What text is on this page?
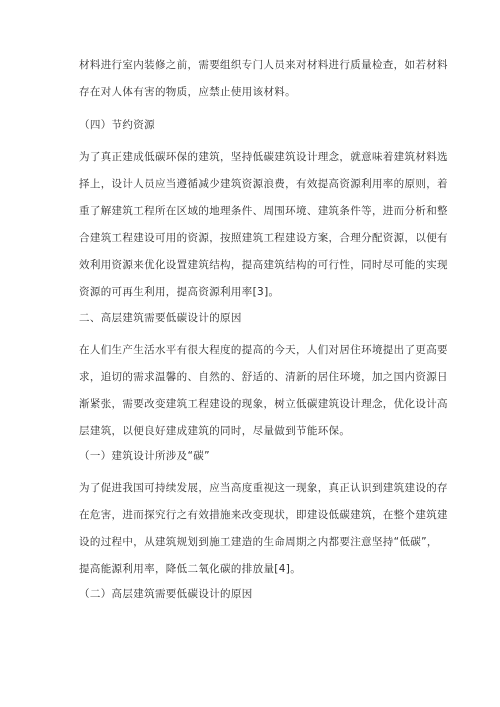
材料进行室内装修之前，需要组织专门人员来对材料进行质量检查，如若材料
存在对人体有害的物质，应禁止使用该材料。
（四）节约资源
为了真正建成低碳环保的建筑，坚持低碳建筑设计理念，就意味着建筑材料选
择上，设计人员应当遵循减少建筑资源浪费，有效提高资源利用率的原则，着
重了解建筑工程所在区域的地理条件、周围环境、建筑条件等，进而分析和整
合建筑工程建设可用的资源，按照建筑工程建设方案，合理分配资源，以便有
效利用资源来优化设置建筑结构，提高建筑结构的可行性，同时尽可能的实现
资源的可再生利用，提高资源利用率[3]。
二、高层建筑需要低碳设计的原因
在人们生产生活水平有很大程度的提高的今天，人们对居住环境提出了更高要
求，追切的需求温馨的、自然的、舒适的、清新的居住环境，加之国内资源日
渐紧张，需要改变建筑工程建设的现象，树立低碳建筑设计理念，优化设计高
层建筑，以便良好建成建筑的同时，尽量做到节能环保。
（一）建筑设计所涉及“碳”
为了促进我国可持续发展，应当高度重视这一现象，真正认识到建筑建设的存
在危害，进而探究行之有效措施来改变现状，即建设低碳建筑，在整个建筑建
设的过程中，从建筑规划到施工建造的生命周期之内都要注意坚持“低碳”，
提高能源利用率，降低二氧化碳的排放量[4]。
（二）高层建筑需要低碳设计的原因
